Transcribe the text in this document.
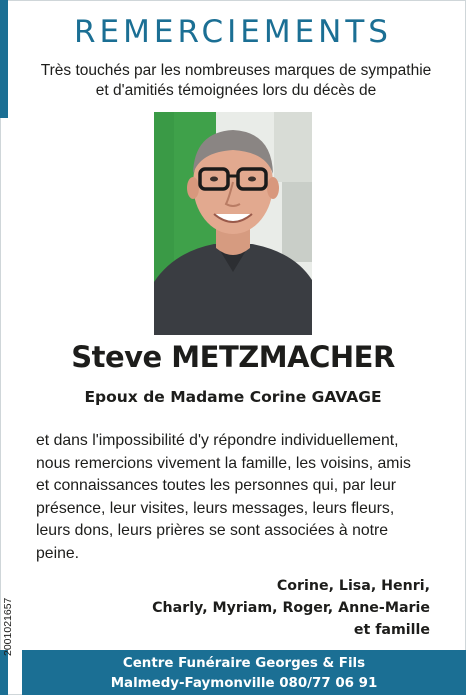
REMERCIEMENTS
Très touchés par les nombreuses marques de sympathie
et d'amitiés témoignées lors du décès de
Steve METZMACHER
Epoux de Madame Corine GAVAGE
et dans l'impossibilité d'y répondre individuellement,
nous remercions vivement la famille, les voisins, amis
et connaissances toutes les personnes qui, par leur
présence, leur visites, leurs messages, leurs fleurs,
leurs dons, leurs prières se sont associées à notre
peine.
Corine, Lisa, Henri,
Charly, Myriam, Roger, Anne-Marie
et famille
2001021657
Centre Funéraire Georges & Fils
Malmedy-Faymonville 080/77 06 91
